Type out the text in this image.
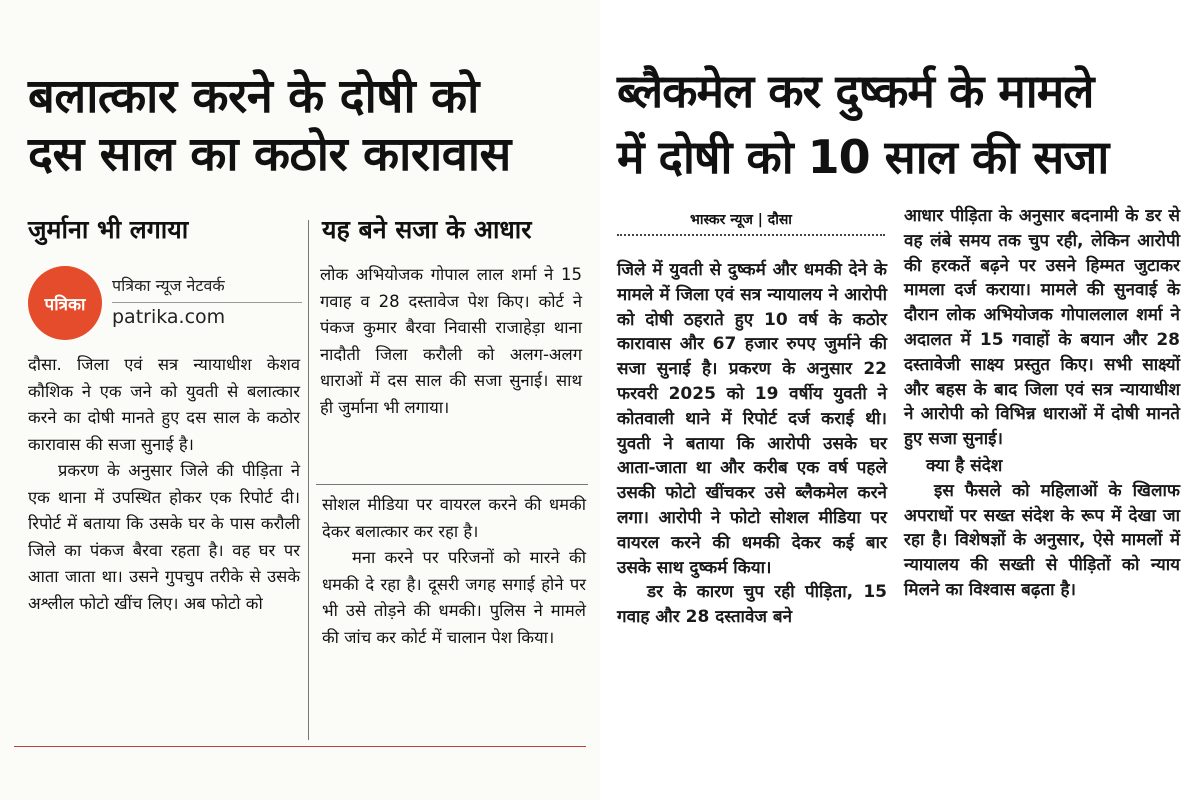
बलात्कार करने के दोषी को
दस साल का कठोर कारावास
जुर्माना भी लगाया
पत्रिका
पत्रिका न्यूज नेटवर्क
patrika.com

दौसा. जिला एवं सत्र न्यायाधीश केशव कौशिक ने एक जने को युवती से बलात्कार करने का दोषी मानते हुए दस साल के कठोर कारावास की सजा सुनाई है।

प्रकरण के अनुसार जिले की पीड़िता ने एक थाना में उपस्थित होकर एक रिपोर्ट दी। रिपोर्ट में बताया कि उसके घर के पास करौली जिले का पंकज बैरवा रहता है। वह घर पर आता जाता था। उसने गुपचुप तरीके से उसके अश्लील फोटो खींच लिए। अब फोटो को

यह बने सजा के आधार

लोक अभियोजक गोपाल लाल शर्मा ने 15 गवाह व 28 दस्तावेज पेश किए। कोर्ट ने पंकज कुमार बैरवा निवासी राजाहेड़ा थाना नादौती जिला करौली को अलग-अलग धाराओं में दस साल की सजा सुनाई। साथ ही जुर्माना भी लगाया।

सोशल मीडिया पर वायरल करने की धमकी देकर बलात्कार कर रहा है।

मना करने पर परिजनों को मारने की धमकी दे रहा है। दूसरी जगह सगाई होने पर भी उसे तोड़ने की धमकी। पुलिस ने मामले की जांच कर कोर्ट में चालान पेश किया।

ब्लैकमेल कर दुष्कर्म के मामले
में दोषी को 10 साल की सजा
भास्कर न्यूज | दौसा

जिले में युवती से दुष्कर्म और धमकी देने के मामले में जिला एवं सत्र न्यायालय ने आरोपी को दोषी ठहराते हुए 10 वर्ष के कठोर कारावास और 67 हजार रुपए जुर्माने की सजा सुनाई है। प्रकरण के अनुसार 22 फरवरी 2025 को 19 वर्षीय युवती ने कोतवाली थाने में रिपोर्ट दर्ज कराई थी। युवती ने बताया कि आरोपी उसके घर आता-जाता था और करीब एक वर्ष पहले उसकी फोटो खींचकर उसे ब्लैकमेल करने लगा। आरोपी ने फोटो सोशल मीडिया पर वायरल करने की धमकी देकर कई बार उसके साथ दुष्कर्म किया।

डर के कारण चुप रही पीड़िता, 15 गवाह और 28 दस्तावेज बने

आधार पीड़िता के अनुसार बदनामी के डर से वह लंबे समय तक चुप रही, लेकिन आरोपी की हरकतें बढ़ने पर उसने हिम्मत जुटाकर मामला दर्ज कराया। मामले की सुनवाई के दौरान लोक अभियोजक गोपाललाल शर्मा ने अदालत में 15 गवाहों के बयान और 28 दस्तावेजी साक्ष्य प्रस्तुत किए। सभी साक्ष्यों और बहस के बाद जिला एवं सत्र न्यायाधीश ने आरोपी को विभिन्न धाराओं में दोषी मानते हुए सजा सुनाई।

क्या है संदेश

इस फैसले को महिलाओं के खिलाफ अपराधों पर सख्त संदेश के रूप में देखा जा रहा है। विशेषज्ञों के अनुसार, ऐसे मामलों में न्यायालय की सख्ती से पीड़ितों को न्याय मिलने का विश्वास बढ़ता है।
